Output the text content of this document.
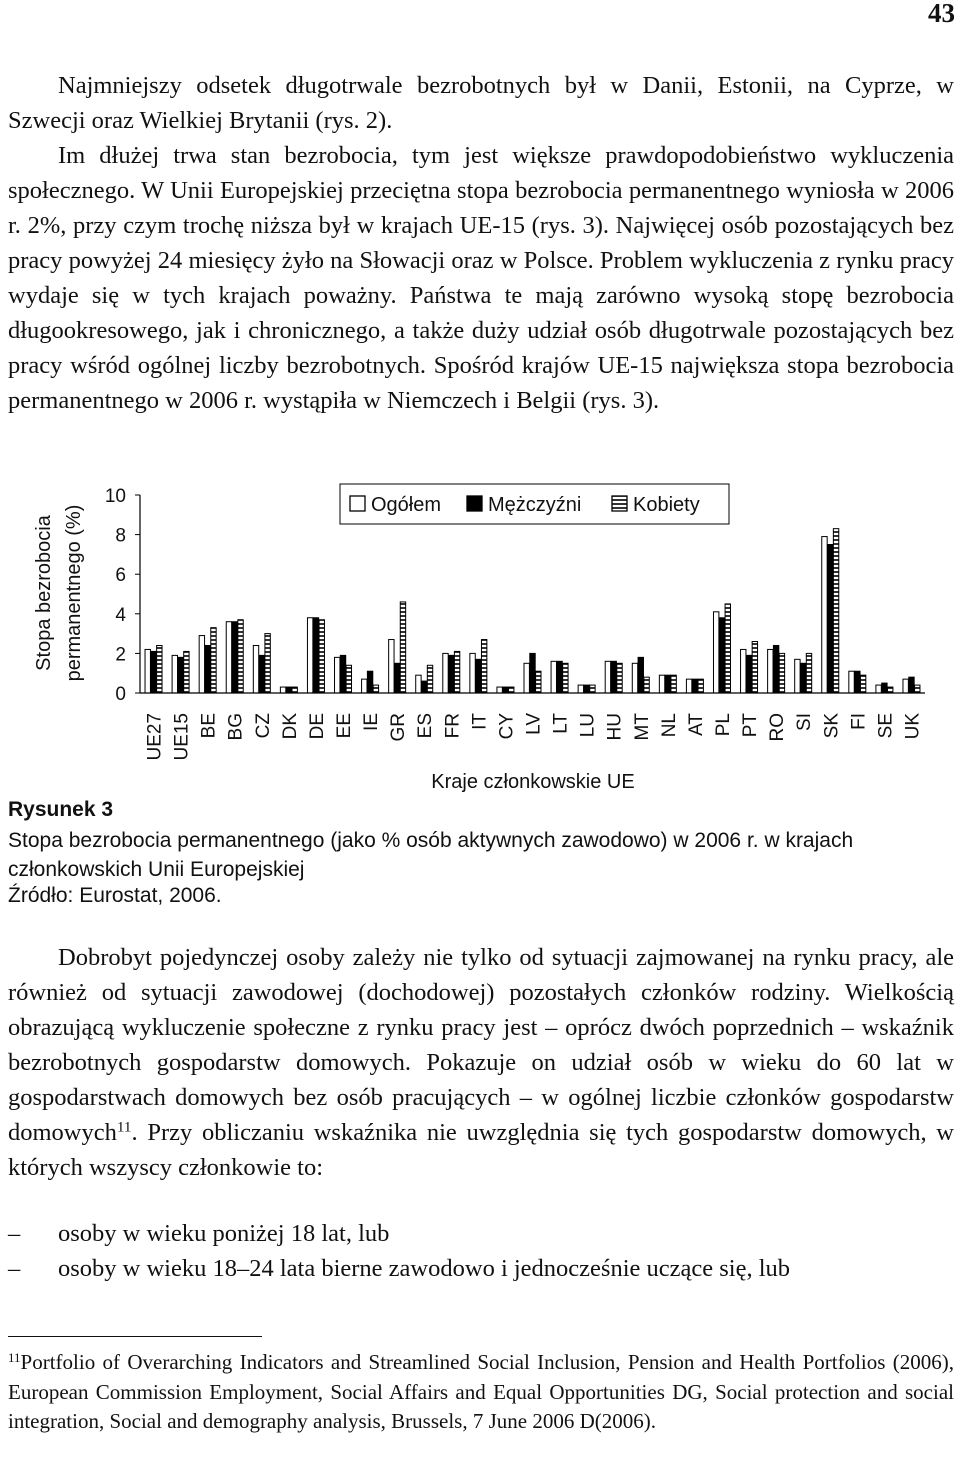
43

Najmniejszy odsetek długotrwale bezrobotnych był w Danii, Estonii, na Cyprze, w Szwecji oraz Wielkiej Brytanii (rys. 2).

Im dłużej trwa stan bezrobocia, tym jest większe prawdopodobieństwo wykluczenia społecznego. W Unii Europejskiej przeciętna stopa bezrobocia permanentnego wyniosła w 2006 r. 2%, przy czym trochę niższa był w krajach UE-15 (rys. 3). Najwięcej osób pozostających bez pracy powyżej 24 miesięcy żyło na Słowacji oraz w Polsce. Problem wykluczenia z rynku pracy wydaje się w tych krajach poważny. Państwa te mają zarówno wysoką stopę bezrobocia długookresowego, jak i chronicznego, a także duży udział osób długotrwale pozostających bez pracy wśród ogólnej liczby bezrobotnych. Spośród krajów UE-15 największa stopa bezrobocia permanentnego w 2006 r. wystąpiła w Niemczech i Belgii (rys. 3).

0
2
4
6
8
10
UE27 UE15 BE BG CZ DK DE EE IE GR ES FR IT CY LV LT LU HU MT NL AT PL PT RO SI SK FI SE UK
Kraje członkowskie UE
Stopa bezrobocia permanentnego (%)	Ogółem Mężczyźni	Kobiety
Rysunek 3
Stopa bezrobocia permanentnego (jako % osób aktywnych zawodowo) w 2006 r. w krajach członkowskich Unii Europejskiej
Źródło: Eurostat, 2006.

Dobrobyt pojedynczej osoby zależy nie tylko od sytuacji zajmowanej na rynku pracy, ale również od sytuacji zawodowej (dochodowej) pozostałych członków rodziny. Wielkością obrazującą wykluczenie społeczne z rynku pracy jest – oprócz dwóch poprzednich – wskaźnik bezrobotnych gospodarstw domowych. Pokazuje on udział osób w wieku do 60 lat w gospodarstwach domowych bez osób pracujących – w ogólnej liczbie członków gospodarstw domowych$^{11}$. Przy obliczaniu wskaźnika nie uwzględnia się tych gospodarstw domowych, w których wszyscy członkowie to:

– osoby w wieku poniżej 18 lat, lub
– osoby w wieku 18–24 lata bierne zawodowo i jednocześnie uczące się, lub

$^{11}$Portfolio of Overarching Indicators and Streamlined Social Inclusion, Pension and Health Portfolios (2006), European Commission Employment, Social Affairs and Equal Opportunities DG, Social protection and social integration, Social and demography analysis, Brussels, 7 June 2006 D(2006).
